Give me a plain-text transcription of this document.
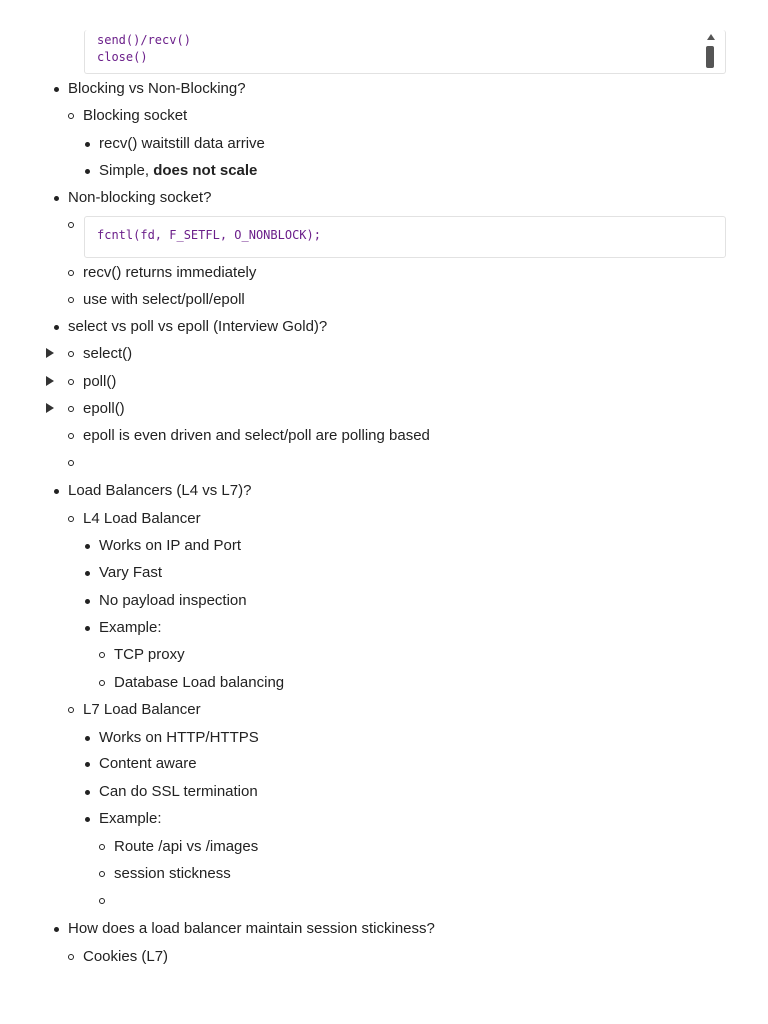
send()/recv()
close()
Blocking vs Non-Blocking?
Blocking socket
recv() waitstill data arrive
Simple, does not scale
Non-blocking socket?
fcntl(fd, F_SETFL, O_NONBLOCK);
recv() returns immediately
use with select/poll/epoll
select vs poll vs epoll (Interview Gold)?
select()
poll()
epoll()
epoll is even driven and select/poll are polling based
Load Balancers (L4 vs L7)?
L4 Load Balancer
Works on IP and Port
Vary Fast
No payload inspection
Example:
TCP proxy
Database Load balancing
L7 Load Balancer
Works on HTTP/HTTPS
Content aware
Can do SSL termination
Example:
Route /api vs /images
session stickness
How does a load balancer maintain session stickiness?
Cookies (L7)
